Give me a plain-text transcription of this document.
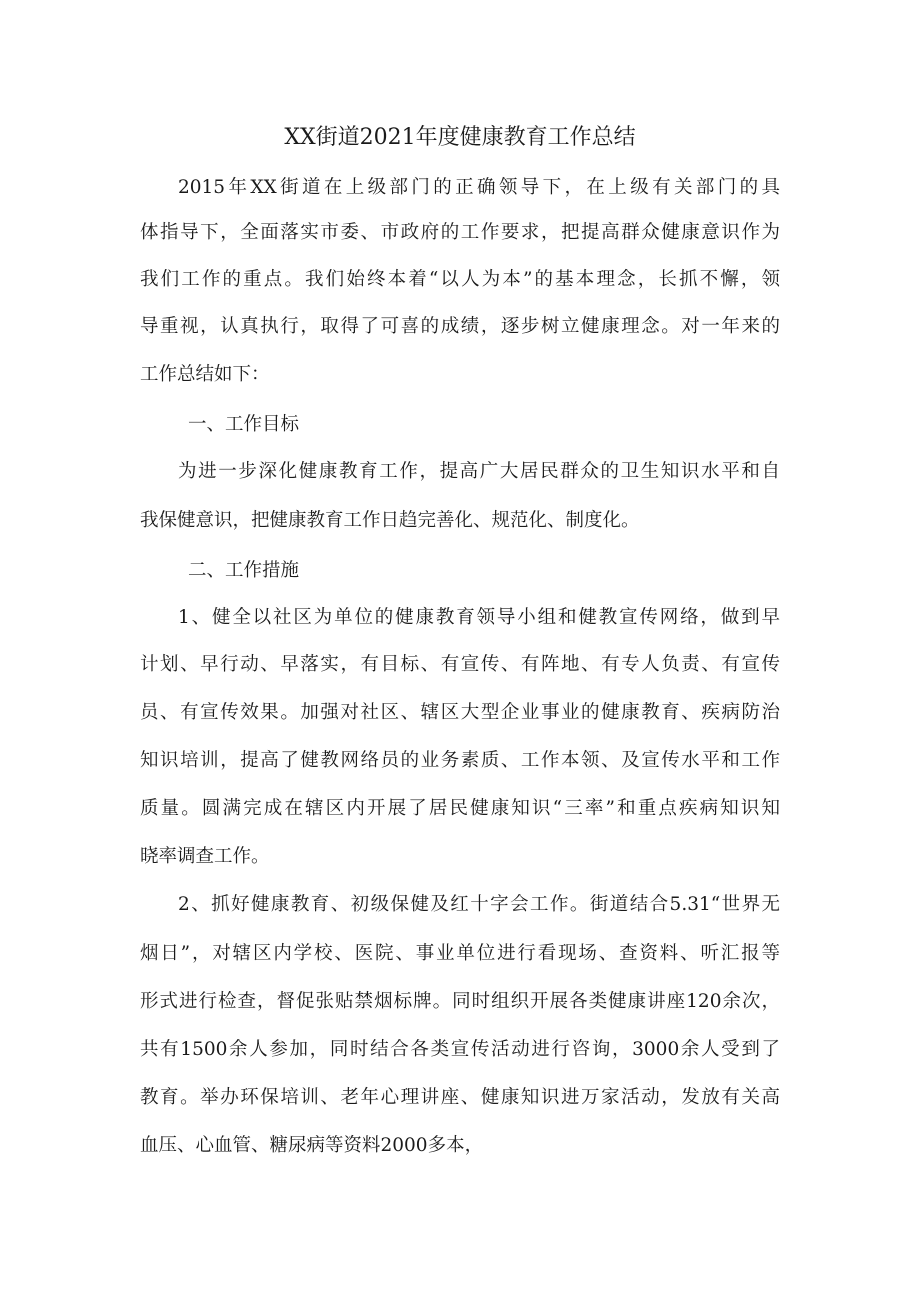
XX街道2021年度健康教育工作总结

2015年XX街道在上级部门的正确领导下，在上级有关部门的具

体指导下，全面落实市委、市政府的工作要求，把提高群众健康意识作为

我们工作的重点。我们始终本着“以人为本”的基本理念，长抓不懈，领

导重视，认真执行，取得了可喜的成绩，逐步树立健康理念。对一年来的

工作总结如下：

一、工作目标

为进一步深化健康教育工作，提高广大居民群众的卫生知识水平和自

我保健意识，把健康教育工作日趋完善化、规范化、制度化。

二、工作措施

1、健全以社区为单位的健康教育领导小组和健教宣传网络，做到早

计划、早行动、早落实，有目标、有宣传、有阵地、有专人负责、有宣传

员、有宣传效果。加强对社区、辖区大型企业事业的健康教育、疾病防治

知识培训，提高了健教网络员的业务素质、工作本领、及宣传水平和工作

质量。圆满完成在辖区内开展了居民健康知识“三率”和重点疾病知识知

晓率调查工作。

2、抓好健康教育、初级保健及红十字会工作。街道结合5.31“世界无

烟日”，对辖区内学校、医院、事业单位进行看现场、查资料、听汇报等

形式进行检查，督促张贴禁烟标牌。同时组织开展各类健康讲座120余次，

共有1500余人参加，同时结合各类宣传活动进行咨询，3000余人受到了

教育。举办环保培训、老年心理讲座、健康知识进万家活动，发放有关高

血压、心血管、糖尿病等资料2000多本，
